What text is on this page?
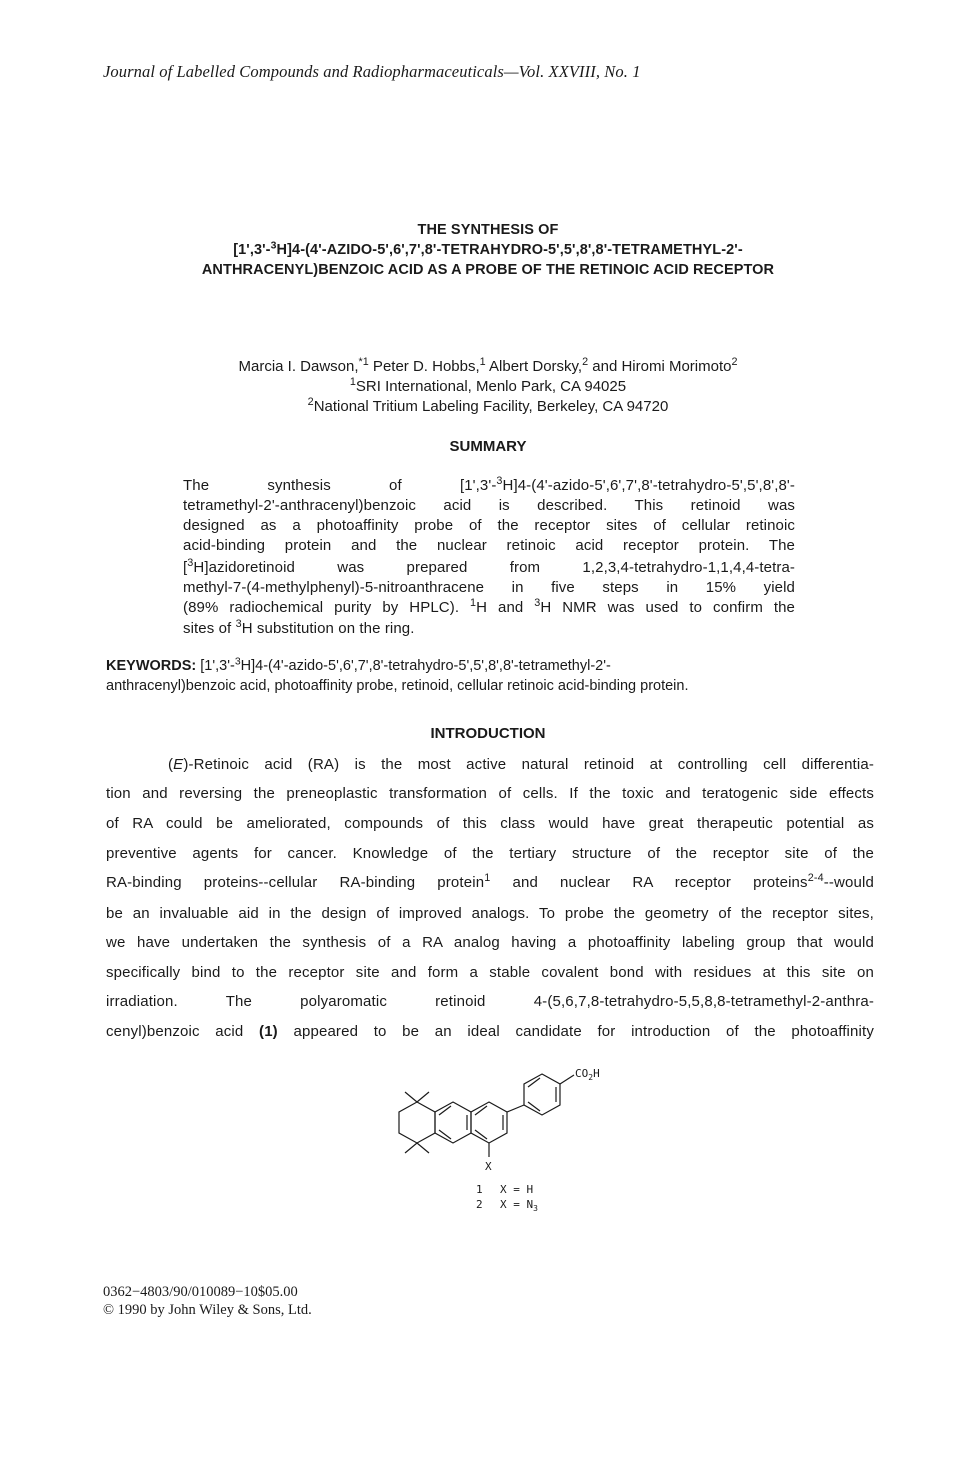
Journal of Labelled Compounds and Radiopharmaceuticals—Vol. XXVIII, No. 1
THE SYNTHESIS OF
[1',3'-$^3$H]4-(4'-AZIDO-5',6',7',8'-TETRAHYDRO-5',5',8',8'-TETRAMETHYL-2'-
ANTHRACENYL)BENZOIC ACID AS A PROBE OF THE RETINOIC ACID RECEPTOR
Marcia I. Dawson,$^{*1}$ Peter D. Hobbs,$^1$ Albert Dorsky,$^2$ and Hiromi Morimoto$^2$
$^1$SRI International, Menlo Park, CA 94025
$^2$National Tritium Labeling Facility, Berkeley, CA 94720
SUMMARY
The synthesis of [1',3'-$^3$H]4-(4'-azido-5',6',7',8'-tetrahydro-5',5',8',8'-
tetramethyl-2'-anthracenyl)benzoic acid is described. This retinoid was
designed as a photoaffinity probe of the receptor sites of cellular retinoic
acid-binding protein and the nuclear retinoic acid receptor protein. The
[$^3$H]azidoretinoid was prepared from 1,2,3,4-tetrahydro-1,1,4,4-tetra-
methyl-7-(4-methylphenyl)-5-nitroanthracene in five steps in 15% yield
(89% radiochemical purity by HPLC). $^1$H and $^3$H NMR was used to confirm the
sites of $^3$H substitution on the ring.
KEYWORDS: [1',3'-$^3$H]4-(4'-azido-5',6',7',8'-tetrahydro-5',5',8',8'-tetramethyl-2'-
anthracenyl)benzoic acid, photoaffinity probe, retinoid, cellular retinoic acid-binding protein.
INTRODUCTION
(E)-Retinoic acid (RA) is the most active natural retinoid at controlling cell differentia-
tion and reversing the preneoplastic transformation of cells. If the toxic and teratogenic side effects
of RA could be ameliorated, compounds of this class would have great therapeutic potential as
preventive agents for cancer. Knowledge of the tertiary structure of the receptor site of the
RA-binding proteins--cellular RA-binding protein$^1$ and nuclear RA receptor proteins$^{2-4}$--would
be an invaluable aid in the design of improved analogs. To probe the geometry of the receptor sites,
we have undertaken the synthesis of a RA analog having a photoaffinity labeling group that would
specifically bind to the receptor site and form a stable covalent bond with residues at this site on
irradiation. The polyaromatic retinoid 4-(5,6,7,8-tetrahydro-5,5,8,8-tetramethyl-2-anthra-
cenyl)benzoic acid (1) appeared to be an ideal candidate for introduction of the photoaffinity
$CO_2H$
X
1 X = H
2 $X = N_3$
0362−4803/90/010089−10$05.00
© 1990 by John Wiley & Sons, Ltd.
